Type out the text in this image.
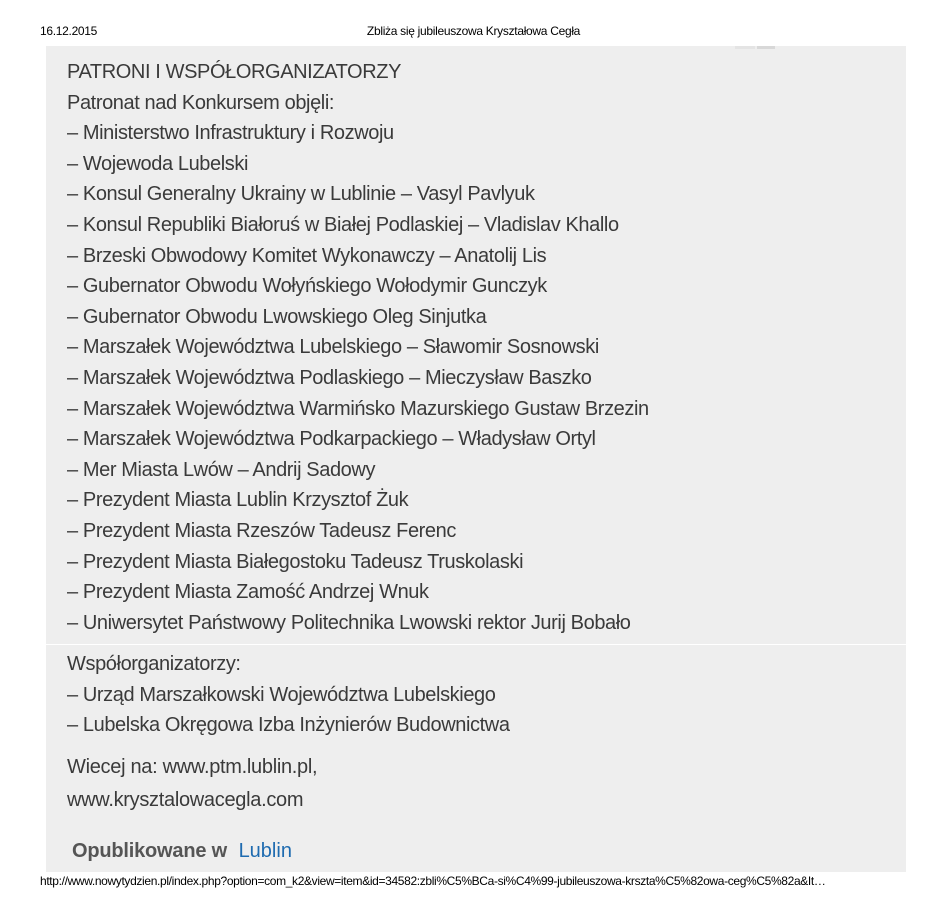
16.12.2015	Zbliża się jubileuszowa Kryształowa Cegła
PATRONI I WSPÓŁORGANIZATORZY
Patronat nad Konkursem objęli:
– Ministerstwo Infrastruktury i Rozwoju
– Wojewoda Lubelski
– Konsul Generalny Ukrainy w Lublinie – Vasyl Pavlyuk
– Konsul Republiki Białoruś w Białej Podlaskiej – Vladislav Khallo
– Brzeski Obwodowy Komitet Wykonawczy – Anatolij Lis
– Gubernator Obwodu Wołyńskiego Wołodymir Gunczyk
– Gubernator Obwodu Lwowskiego Oleg Sinjutka
– Marszałek Województwa Lubelskiego – Sławomir Sosnowski
– Marszałek Województwa Podlaskiego – Mieczysław Baszko
– Marszałek Województwa Warmińsko Mazurskiego Gustaw Brzezin
– Marszałek Województwa Podkarpackiego – Władysław Ortyl
– Mer Miasta Lwów – Andrij Sadowy
– Prezydent Miasta Lublin Krzysztof Żuk
– Prezydent Miasta Rzeszów Tadeusz Ferenc
– Prezydent Miasta Białegostoku Tadeusz Truskolaski
– Prezydent Miasta Zamość Andrzej Wnuk
– Uniwersytet Państwowy Politechnika Lwowski rektor Jurij Bobało
Współorganizatorzy:
– Urząd Marszałkowski Województwa Lubelskiego
– Lubelska Okręgowa Izba Inżynierów Budownictwa
Wiecej na: www.ptm.lublin.pl,
www.krysztalowacegla.com
Opublikowane w Lublin
http://www.nowytydzien.pl/index.php?option=com_k2&view=item&id=34582:zbli%C5%BCa-si%C4%99-jubileuszowa-krszta%C5%82owa-ceg%C5%82a&It…
